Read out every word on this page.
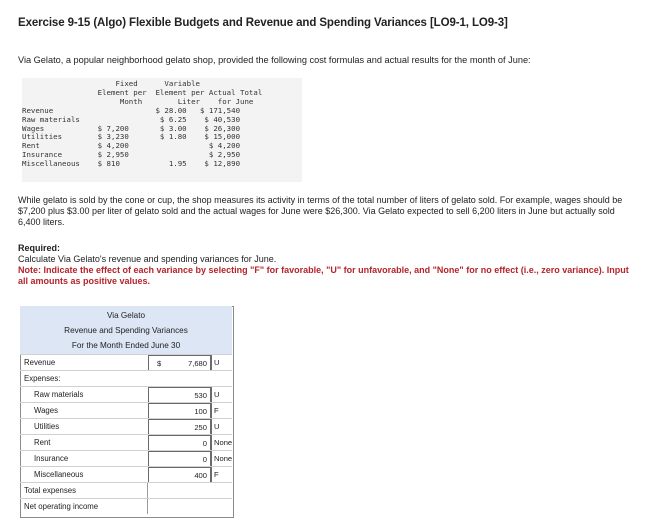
Exercise 9-15 (Algo) Flexible Budgets and Revenue and Spending Variances [LO9-1, LO9-3]
Via Gelato, a popular neighborhood gelato shop, provided the following cost formulas and actual results for the month of June:
Fixed      Variable
Element per  Element per Actual Total
Month        Liter    for June
Revenue                       $ 28.00   $ 171,540
Raw materials                  $ 6.25    $ 40,530
Wages            $ 7,200       $ 3.00    $ 26,300
Utilities        $ 3,230       $ 1.80    $ 15,000
Rent             $ 4,200                  $ 4,200
Insurance        $ 2,950                  $ 2,950
Miscellaneous    $ 810           1.95    $ 12,890
While gelato is sold by the cone or cup, the shop measures its activity in terms of the total number of liters of gelato sold. For example, wages should be $7,200 plus $3.00 per liter of gelato sold and the actual wages for June were $26,300. Via Gelato expected to sell 6,200 liters in June but actually sold 6,400 liters.
Required:
Calculate Via Gelato's revenue and spending variances for June.
Note: Indicate the effect of each variance by selecting "F" for favorable, "U" for unfavorable, and "None" for no effect (i.e., zero variance). Input all amounts as positive values.
Via Gelato
Revenue and Spending Variances
For the Month Ended June 30
Revenue	$	7,680 U
Expenses:
Raw materials	530 U
Wages	100 F
Utilities	250 U
Rent	0 None
Insurance	0 None
Miscellaneous	400 F
Total expenses
Net operating income
